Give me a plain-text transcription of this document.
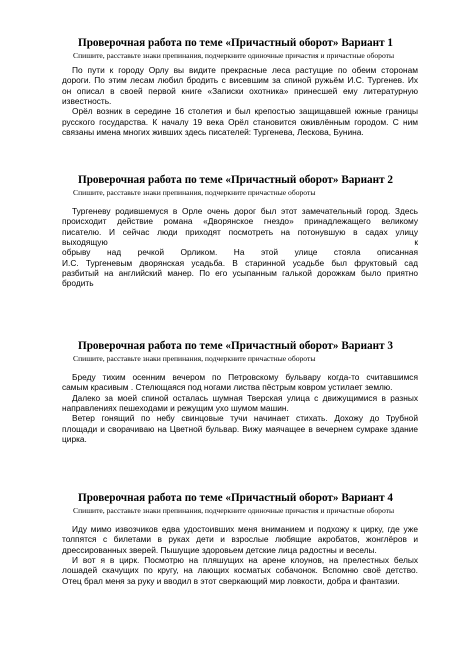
Проверочная работа по теме «Причастный оборот» Вариант 1
Спишите, расставьте знаки препинания, подчеркните одиночные причастия и причастные обороты
По пути к городу Орлу вы видите прекрасные леса растущие по обеим сторонам
дороги. По этим лесам любил бродить с висевшим за спиной ружьём И.С. Тургенев. Их
он описал в своей первой книге «Записки охотника» принесшей ему литературную
известность.
Орёл возник в середине 16 столетия и был крепостью защищавшей южные границы
русского государства. К началу 19 века Орёл становится оживлённым городом. С ним
связаны имена многих живших здесь писателей: Тургенева, Лескова, Бунина.
Проверочная работа по теме «Причастный оборот» Вариант 2
Спишите, расставьте знаки препинания, подчеркните причастные обороты
Тургеневу родившемуся в Орле очень дорог был этот замечательный город. Здесь
происходит действие романа «Дворянское гнездо» принадлежащего великому
писателю. И сейчас люди приходят посмотреть на потонувшую в садах улицу
выходящую	к
обрыву над речкой Орликом. На этой улице стояла описанная
И.С. Тургеневым дворянская усадьба. В старинной усадьбе был фруктовый сад
разбитый на английский манер. По его усыпанным галькой дорожкам было приятно
бродить
Проверочная работа по теме «Причастный оборот» Вариант 3
Спишите, расставьте знаки препинания, подчеркните причастные обороты
Бреду тихим осенним вечером по Петровскому бульвару когда-то считавшимся
самым красивым . Стелющаяся под ногами листва пёстрым ковром устилает землю.
Далеко за моей спиной осталась шумная Тверская улица с движущимися в разных
направлениях пешеходами и режущим ухо шумом машин.
Ветер гонящий по небу свинцовые тучи начинает стихать. Дохожу до Трубной
площади и сворачиваю на Цветной бульвар. Вижу маячащее в вечернем сумраке здание
цирка.
Проверочная работа по теме «Причастный оборот» Вариант 4
Спишите, расставьте знаки препинания, подчеркните одиночные причастия и причастные обороты
Иду мимо извозчиков едва удостоивших меня вниманием и подхожу к цирку, где уже
толпятся с билетами в руках дети и взрослые любящие акробатов, жонглёров и
дрессированных зверей. Пышущие здоровьем детские лица радостны и веселы.
И вот я в цирк. Посмотрю на пляшущих на арене клоунов, на прелестных белых
лошадей скачущих по кругу, на лающих косматых собачонок. Вспомню своё детство.
Отец брал меня за руку и вводил в этот сверкающий мир ловкости, добра и фантазии.
